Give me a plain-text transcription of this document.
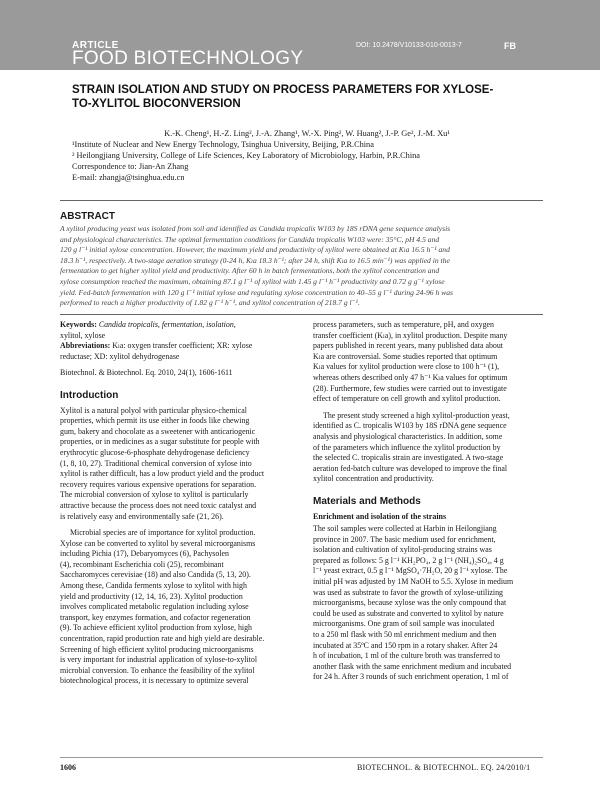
ARTICLE
FOOD BIOTECHNOLOGY
DOI: 10.2478/V10133-010-0013-7	FB
STRAIN ISOLATION AND STUDY ON PROCESS PARAMETERS FOR XYLOSE-
TO-XYLITOL BIOCONVERSION
K.-K. Cheng¹, H.-Z. Ling², J.-A. Zhang¹, W.-X. Ping², W. Huang², J.-P. Ge², J.-M. Xu¹
¹Institute of Nuclear and New Energy Technology, Tsinghua University, Beijing, P.R.China
² Heilongjiang University, College of Life Sciences, Key Laboratory of Microbiology, Harbin, P.R.China
Correspondence to: Jian-An Zhang
E-mail: zhangja@tsinghua.edu.cn
ABSTRACT
A xylitol producing yeast was isolated from soil and identified as Candida tropicalis W103 by 18S rDNA gene sequence analysis
and physiological characteristics. The optimal fermentation conditions for Candida tropicalis W103 were: 35°C, pH 4.5 and
120 g l⁻¹ initial xylose concentration. However, the maximum yield and productivity of xylitol were obtained at Kₗa 16.5 h⁻¹ and
18.3 h⁻¹, respectively. A two-stage aeration strategy (0-24 h, Kₗa 18.3 h⁻¹; after 24 h, shift Kₗa to 16.5 min⁻¹) was applied in the
fermentation to get higher xylitol yield and productivity. After 60 h in batch fermentations, both the xylitol concentration and
xylose consumption reached the maximum, obtaining 87.1 g l⁻¹ of xylitol with 1.45 g l⁻¹ h⁻¹ productivity and 0.72 g g⁻¹ xylose
yield. Fed-batch fermentation with 120 g l⁻¹ initial xylose and regulating xylose concentration to 40–55 g l⁻¹ during 24-96 h was
performed to reach a higher productivity of 1.82 g l⁻¹ h⁻¹, and xylitol concentration of 218.7 g l⁻¹.
Keywords: Candida tropicalis, fermentation, isolation,
xylitol, xylose
Abbreviations: Kₗa: oxygen transfer coefficient; XR: xylose
reductase; XD: xylitol dehydrogenase
Biotechnol. & Biotechnol. Eq. 2010, 24(1), 1606-1611
Introduction
Xylitol is a natural polyol with particular physico-chemical
properties, which permit its use either in foods like chewing
gum, bakery and chocolate as a sweetener with anticariogenic
properties, or in medicines as a sugar substitute for people with
erythrocytic glucose-6-phosphate dehydrogenase deficiency
(1, 8, 10, 27). Traditional chemical conversion of xylose into
xylitol is rather difficult, has a low product yield and the product
recovery requires various expensive operations for separation.
The microbial conversion of xylose to xylitol is particularly
attractive because the process does not need toxic catalyst and
is relatively easy and environmentally safe (21, 26).
Microbial species are of importance for xylitol production.
Xylose can be converted to xylitol by several microorganisms
including Pichia (17), Debaryomyces (6), Pachysolen
(4), recombinant Escherichia coli (25), recombinant
Saccharomyces cerevisiae (18) and also Candida (5, 13, 20).
Among these, Candida ferments xylose to xylitol with high
yield and productivity (12, 14, 16, 23). Xylitol production
involves complicated metabolic regulation including xylose
transport, key enzymes formation, and cofactor regeneration
(9). To achieve efficient xylitol production from xylose, high
concentration, rapid production rate and high yield are desirable.
Screening of high efficient xylitol producing microorganisms
is very important for industrial application of xylose-to-xylitol
microbial conversion. To enhance the feasibility of the xylitol
biotechnological process, it is necessary to optimize several
process parameters, such as temperature, pH, and oxygen
transfer coefficient (Kₗa), in xylitol production. Despite many
papers published in recent years, many published data about
Kₗa are controversial. Some studies reported that optimum
Kₗa values for xylitol production were close to 100 h⁻¹ (1),
whereas others described only 47 h⁻¹ Kₗa values for optimum
(28). Furthermore, few studies were carried out to investigate
effect of temperature on cell growth and xylitol production.
The present study screened a high xylitol-production yeast,
identified as C. tropicalis W103 by 18S rDNA gene sequence
analysis and physiological characteristics. In addition, some
of the parameters which influence the xylitol production by
the selected C. tropicalis strain are investigated. A two-stage
aeration fed-batch culture was developed to improve the final
xylitol concentration and productivity.
Materials and Methods
Enrichment and isolation of the strains
The soil samples were collected at Harbin in Heilongjiang
province in 2007. The basic medium used for enrichment,
isolation and cultivation of xylitol-producing strains was
prepared as follows: 5 g l⁻¹ KH₂PO₄, 2 g l⁻¹ (NH₄)₂SO₄, 4 g
l⁻¹ yeast extract, 0.5 g l⁻¹ MgSO₄·7H₂O, 20 g l⁻¹ xylose. The
initial pH was adjusted by 1M NaOH to 5.5. Xylose in medium
was used as substrate to favor the growth of xylose-utilizing
microorganisms, because xylose was the only compound that
could be used as substrate and converted to xylitol by nature
microorganisms. One gram of soil sample was inoculated
to a 250 ml flask with 50 ml enrichment medium and then
incubated at 35ºC and 150 rpm in a rotary shaker. After 24
h of incubation, 1 ml of the culture broth was transferred to
another flask with the same enrichment medium and incubated
for 24 h. After 3 rounds of such enrichment operation, 1 ml of
1606	BIOTECHNOL. & BIOTECHNOL. EQ. 24/2010/1
